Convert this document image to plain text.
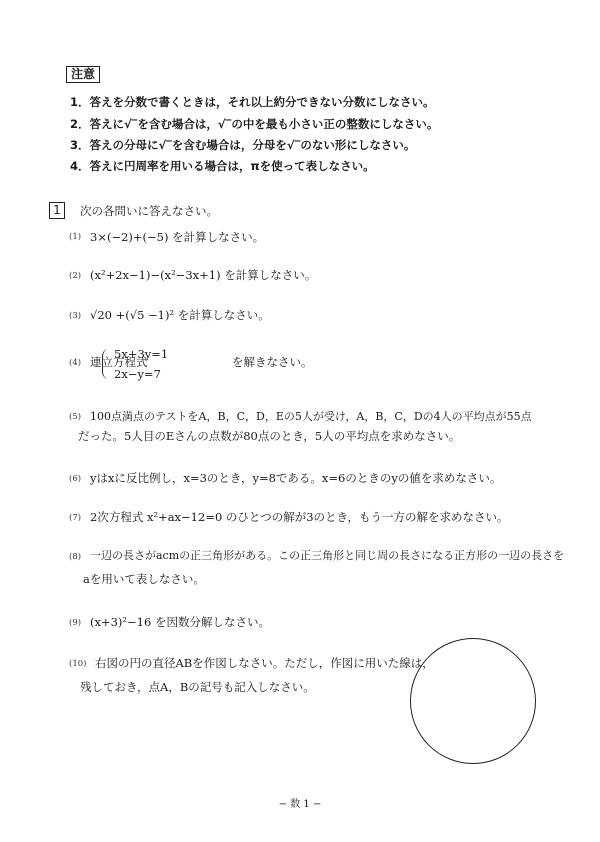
注意
1．答えを分数で書くときは，それ以上約分できない分数にしなさい。
2．答えに√‾を含む場合は，√‾の中を最も小さい正の整数にしなさい。
3．答えの分母に√‾を含む場合は，分母を√‾のない形にしなさい。
4．答えに円周率を用いる場合は，πを使って表しなさい。
1	次の各問いに答えなさい。
(1) 3×(−2)+(−5) を計算しなさい。
(2) (x²+2x−1)−(x²−3x+1) を計算しなさい。
(3) √20 +(√5 −1)² を計算しなさい。
(4) 連立方程式
5x+3y=1
2x−y=7
を解きなさい。
(5) 100点満点のテストをA，B，C，D，Eの5人が受け，A，B，C，Dの4人の平均点が55点
だった。5人目のEさんの点数が80点のとき，5人の平均点を求めなさい。
(6) yはxに反比例し，x=3のとき，y=8である。x=6のときのyの値を求めなさい。
(7) 2次方程式 x²+ax−12=0 のひとつの解が3のとき，もう一方の解を求めなさい。
(8) 一辺の長さがacmの正三角形がある。この正三角形と同じ周の長さになる正方形の一辺の長さを
aを用いて表しなさい。
(9) (x+3)²−16 を因数分解しなさい。
(10) 右図の円の直径ABを作図しなさい。ただし，作図に用いた線は，
残しておき，点A，Bの記号も記入しなさい。
− 数 1 −
